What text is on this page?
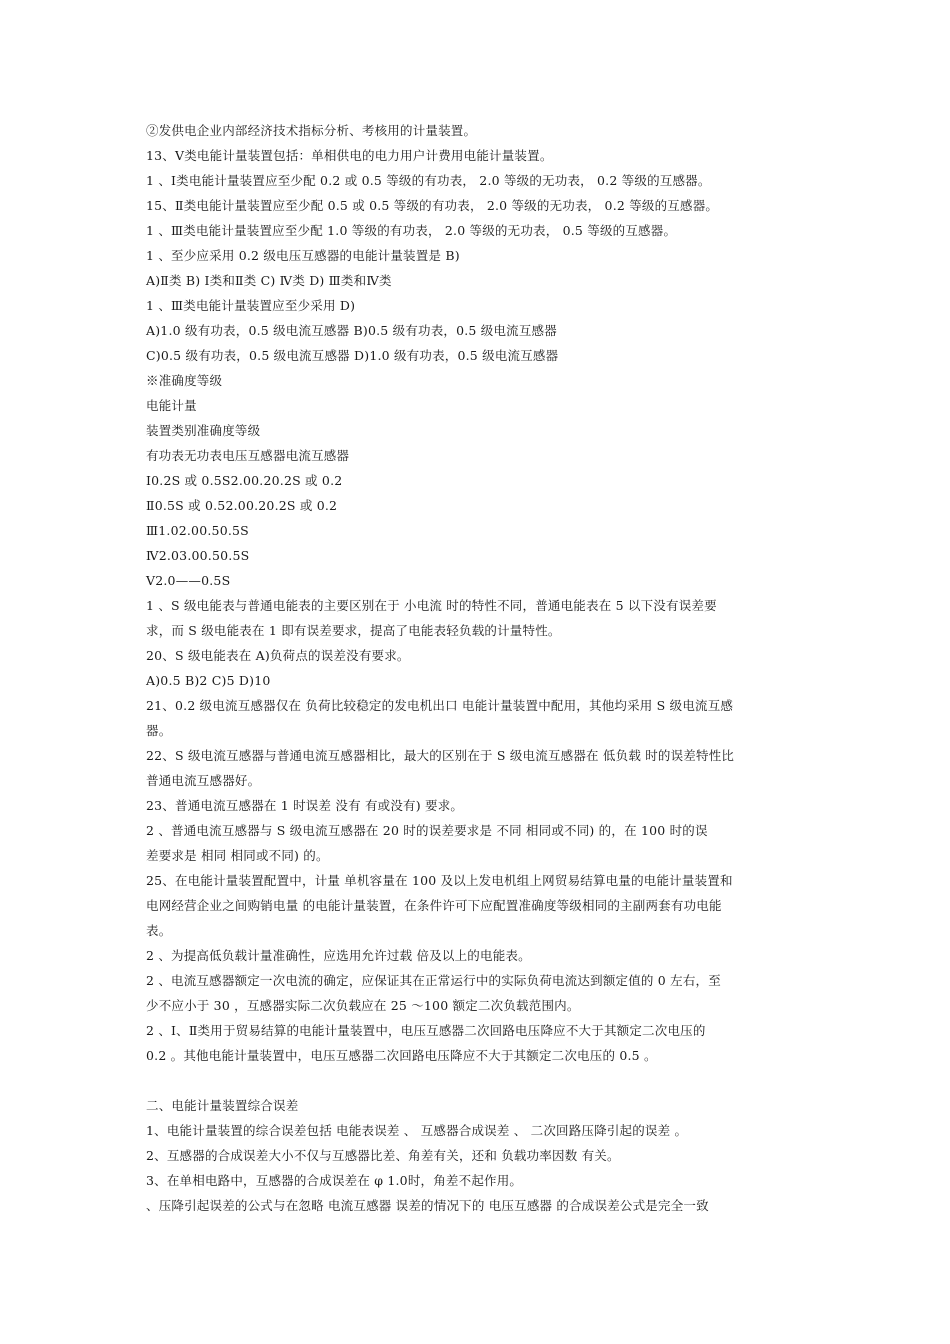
②发供电企业内部经济技术指标分析、考核用的计量装置。
13、Ⅴ类电能计量装置包括：单相供电的电力用户计费用电能计量装置。
1 、Ⅰ类电能计量装置应至少配 0.2 或 0.5 等级的有功表， 2.0 等级的无功表， 0.2 等级的互感器。
15、Ⅱ类电能计量装置应至少配 0.5 或 0.5 等级的有功表， 2.0 等级的无功表， 0.2 等级的互感器。
1 、Ⅲ类电能计量装置应至少配 1.0 等级的有功表， 2.0 等级的无功表， 0.5 等级的互感器。
1 、至少应采用 0.2 级电压互感器的电能计量装置是 B)
A)Ⅱ类 B) Ⅰ类和Ⅱ类 C) Ⅳ类 D) Ⅲ类和Ⅳ类
1 、Ⅲ类电能计量装置应至少采用 D)
A)1.0 级有功表，0.5 级电流互感器 B)0.5 级有功表，0.5 级电流互感器
C)0.5 级有功表，0.5 级电流互感器 D)1.0 级有功表，0.5 级电流互感器
※准确度等级
电能计量
装置类别准确度等级
有功表无功表电压互感器电流互感器
Ⅰ0.2S 或 0.5S2.00.20.2S 或 0.2
Ⅱ0.5S 或 0.52.00.20.2S 或 0.2
Ⅲ1.02.00.50.5S
Ⅳ2.03.00.50.5S
Ⅴ2.0——0.5S
1 、S 级电能表与普通电能表的主要区别在于 小电流 时的特性不同，普通电能表在 5 以下没有误差要
求，而 S 级电能表在 1 即有误差要求，提高了电能表轻负载的计量特性。
20、S 级电能表在 A)负荷点的误差没有要求。
A)0.5 B)2 C)5 D)10
21、0.2 级电流互感器仅在 负荷比较稳定的发电机出口 电能计量装置中配用，其他均采用 S 级电流互感
器。
22、S 级电流互感器与普通电流互感器相比，最大的区别在于 S 级电流互感器在 低负载 时的误差特性比
普通电流互感器好。
23、普通电流互感器在 1 时误差 没有 有或没有) 要求。
2 、普通电流互感器与 S 级电流互感器在 20 时的误差要求是 不同 相同或不同) 的，在 100 时的误
差要求是 相同 相同或不同) 的。
25、在电能计量装置配置中，计量 单机容量在 100 及以上发电机组上网贸易结算电量的电能计量装置和
电网经营企业之间购销电量 的电能计量装置，在条件许可下应配置准确度等级相同的主副两套有功电能
表。
2 、为提高低负载计量准确性，应选用允许过载 倍及以上的电能表。
2 、电流互感器额定一次电流的确定，应保证其在正常运行中的实际负荷电流达到额定值的 0 左右，至
少不应小于 30 ，互感器实际二次负载应在 25 ～100 额定二次负载范围内。
2 、Ⅰ、Ⅱ类用于贸易结算的电能计量装置中，电压互感器二次回路电压降应不大于其额定二次电压的
0.2 。其他电能计量装置中，电压互感器二次回路电压降应不大于其额定二次电压的 0.5 。
二、电能计量装置综合误差
1、电能计量装置的综合误差包括 电能表误差 、 互感器合成误差 、 二次回路压降引起的误差 。
2、互感器的合成误差大小不仅与互感器比差、角差有关，还和 负载功率因数 有关。
3、在单相电路中，互感器的合成误差在 φ 1.0时，角差不起作用。
、压降引起误差的公式与在忽略 电流互感器 误差的情况下的 电压互感器 的合成误差公式是完全一致
